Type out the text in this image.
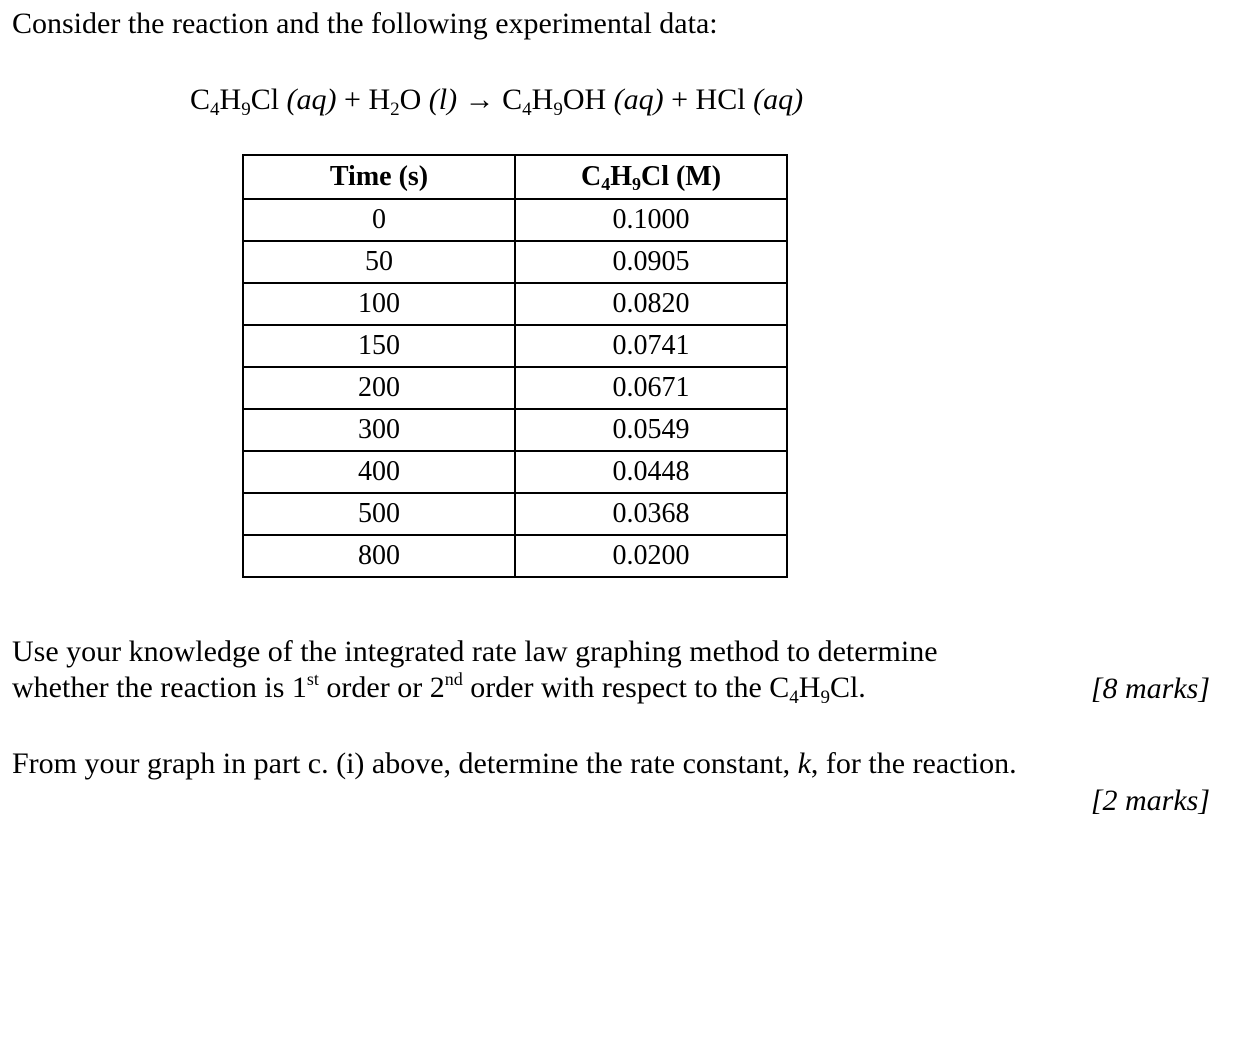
Consider the reaction and the following experimental data:
$C_4H_9Cl$ $(aq) + H_2O$ $(l) \to C_4H_9OH$ (aq) + HCl (aq)
Time (s)	$C_4H_9Cl$ (M)
0	0.1000
50	0.0905
100	0.0820
150	0.0741
200	0.0671
300	0.0549
400	0.0448
500	0.0368
800	0.0200
Use your knowledge of the integrated rate law graphing method to determine
whether the reaction is 1st order or 2nd order with respect to the $C_4H_9Cl$.	[8 marks]
From your graph in part c. (i) above, determine the rate constant, k, for the reaction.
[2 marks]
